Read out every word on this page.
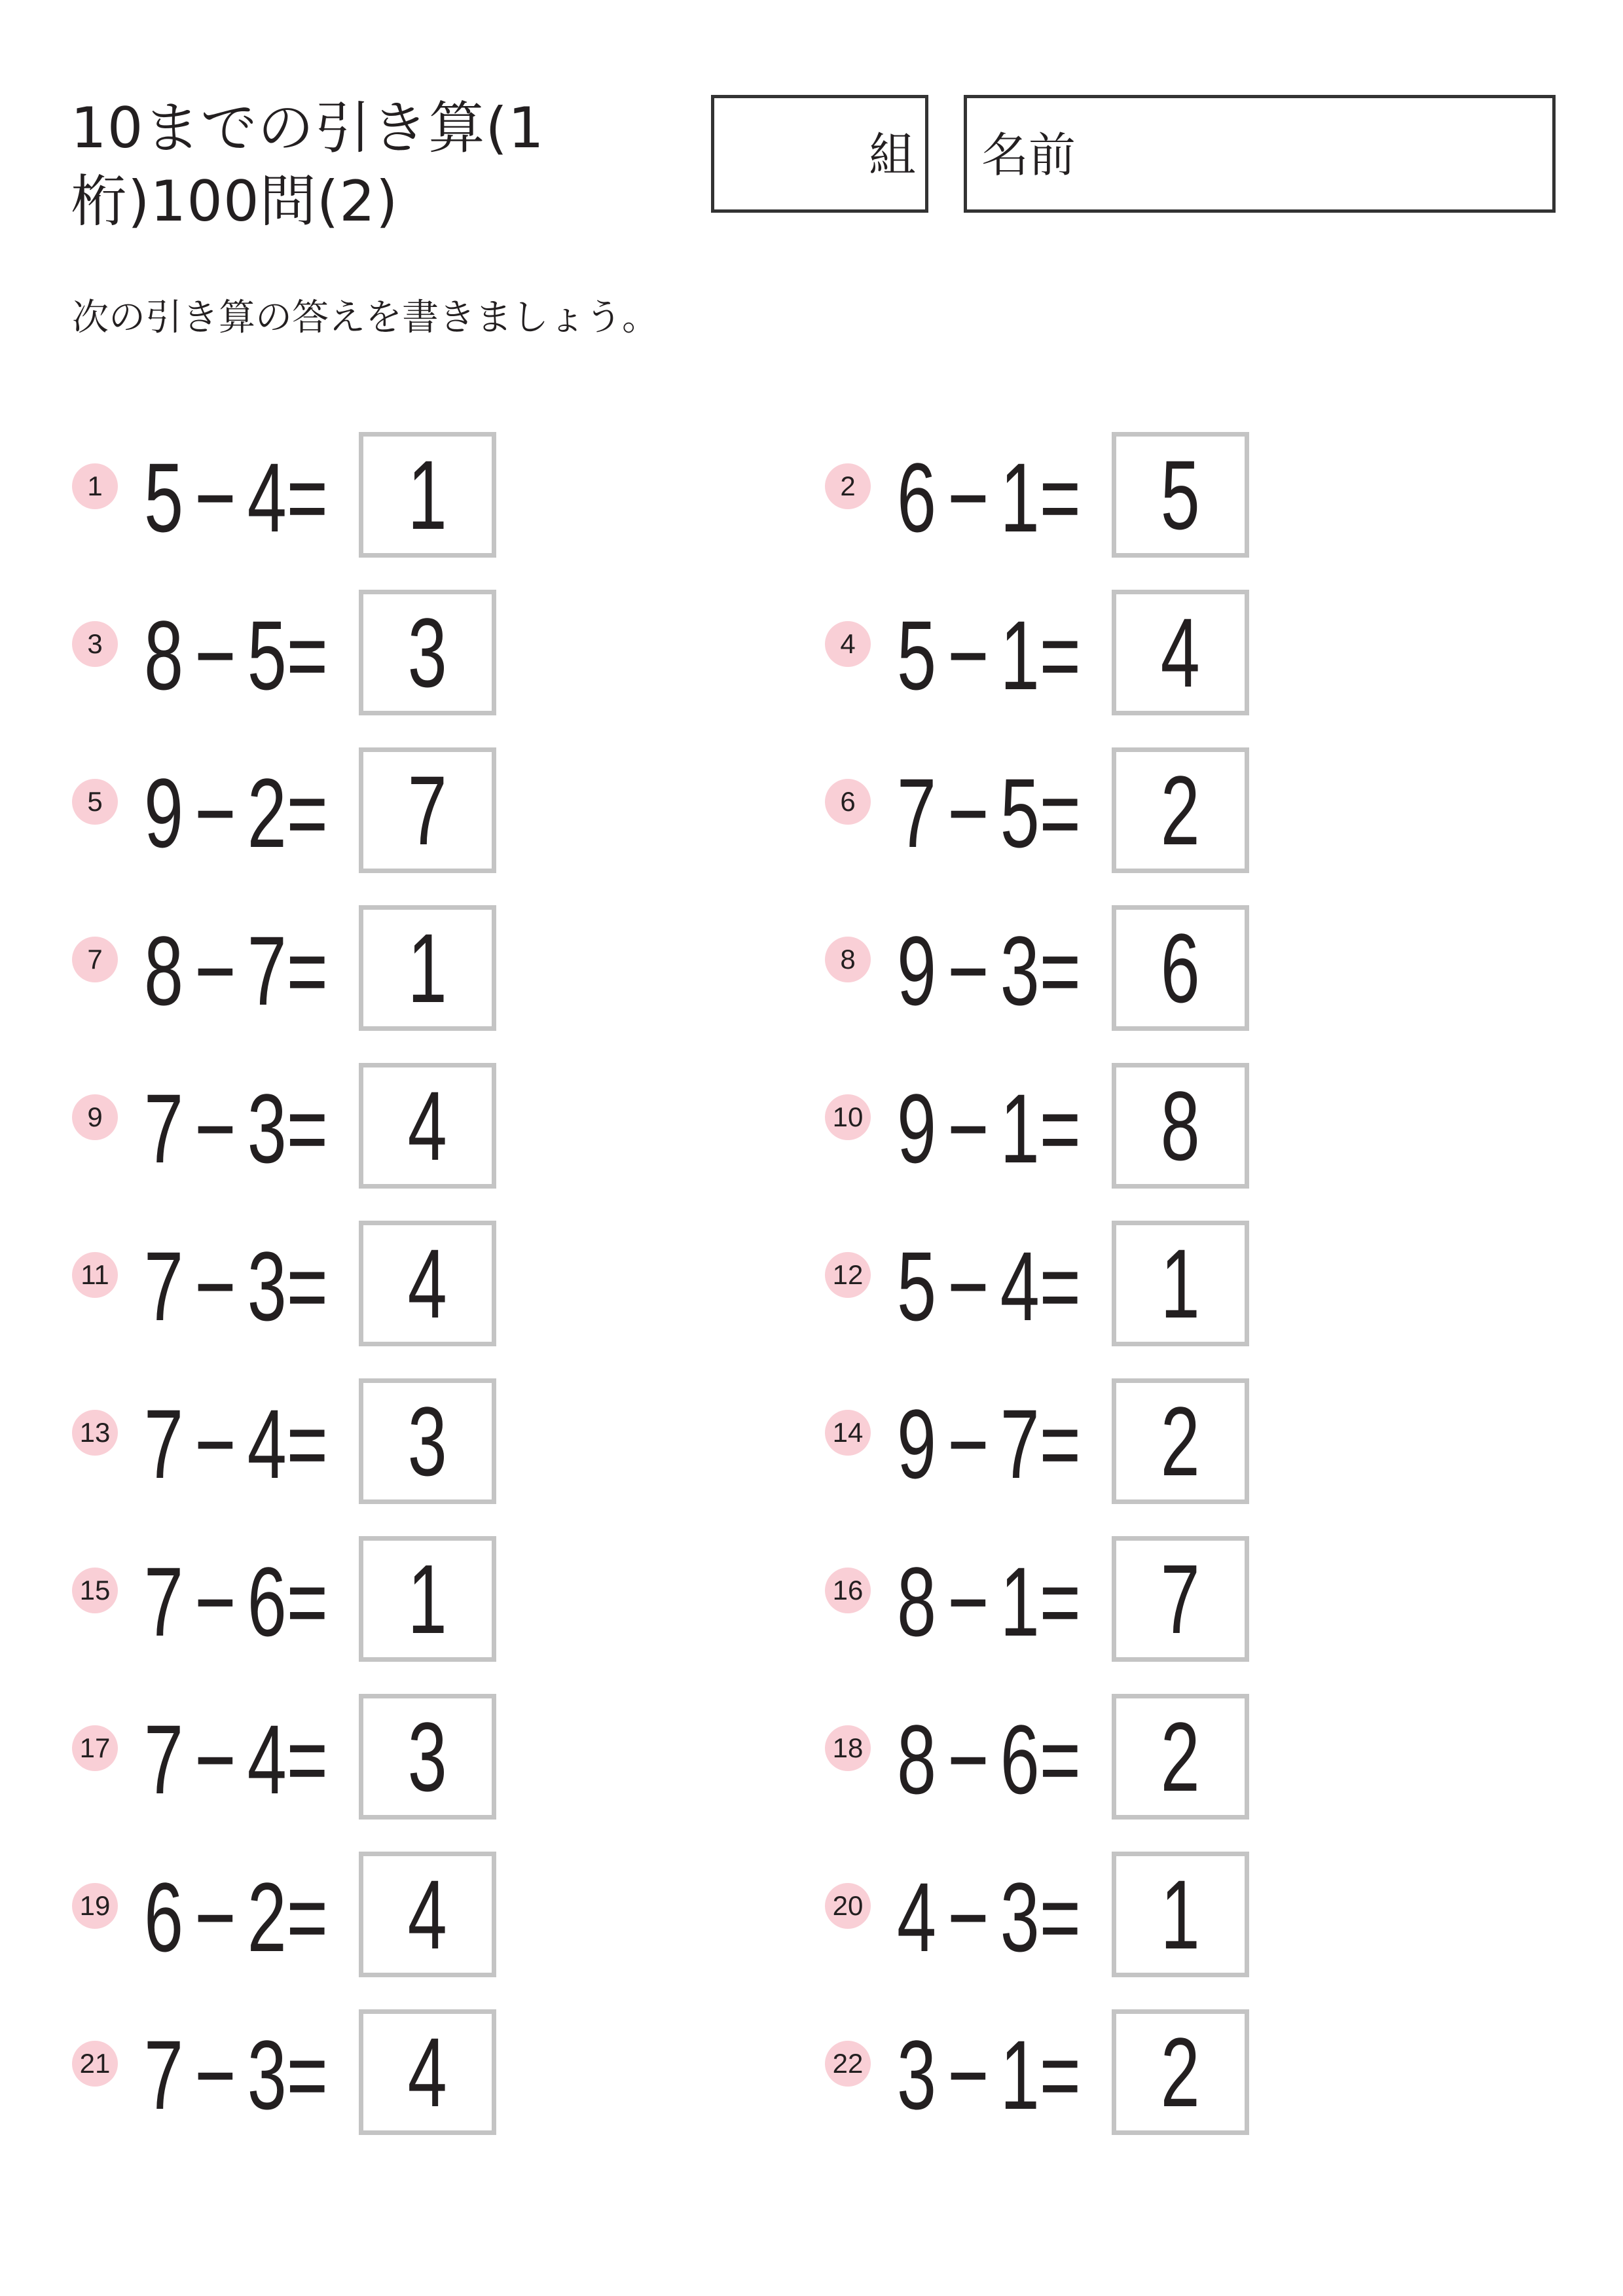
10までの引き算(1桁)100問(2)
組 名前
次の引き算の答えを書きましょう。
1 5 − 4= 1	2 6 − 1= 5
3 8 − 5= 3	4 5 − 1= 4
5 9 − 2= 7	6 7 − 5= 2
7 8 − 7= 1	8 9 − 3= 6
9 7 − 3= 4	10 9 − 1= 8
11 7 − 3= 4	12 5 − 4= 1
13 7 − 4= 3	14 9 − 7= 2
15 7 − 6= 1	16 8 − 1= 7
17 7 − 4= 3	18 8 − 6= 2
19 6 − 2= 4	20 4 − 3= 1
21 7 − 3= 4	22 3 − 1= 2
